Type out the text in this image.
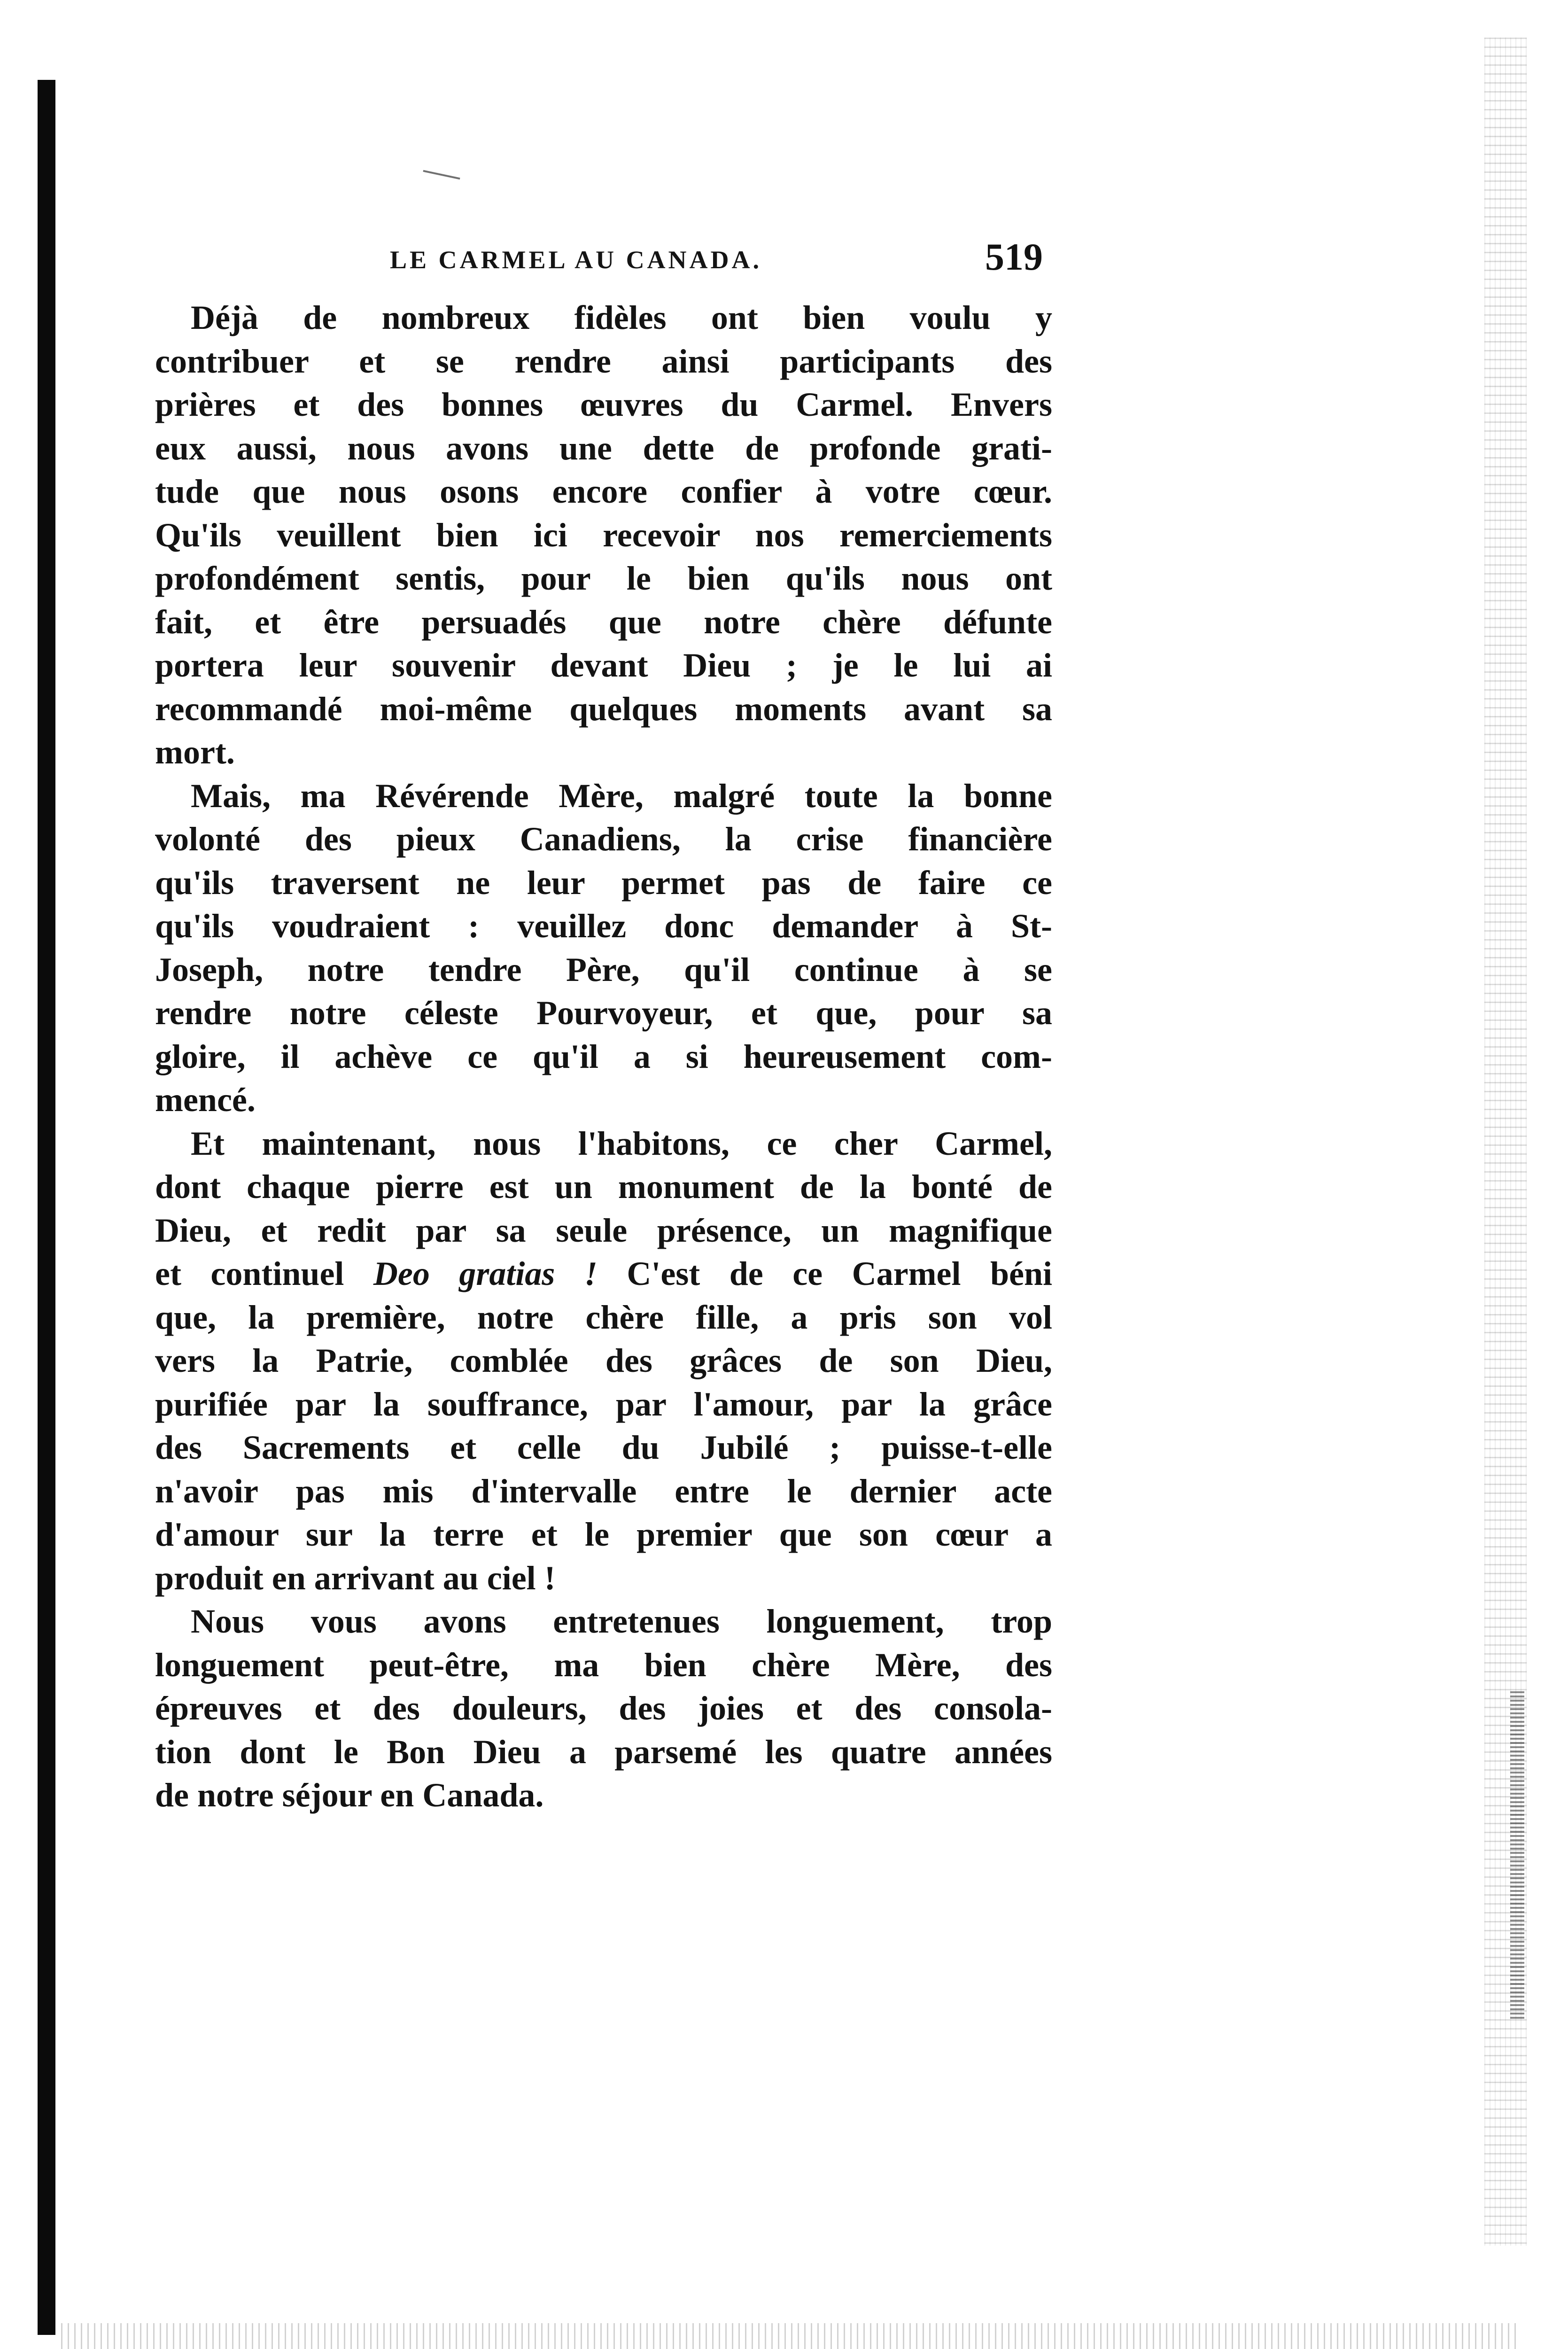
LE CARMEL AU CANADA.	519

Déjà de nombreux fidèles ont bien voulu y
contribuer et se rendre ainsi participants des
prières et des bonnes œuvres du Carmel. Envers
eux aussi, nous avons une dette de profonde grati-
tude que nous osons encore confier à votre cœur.
Qu'ils veuillent bien ici recevoir nos remerciements
profondément sentis, pour le bien qu'ils nous ont
fait, et être persuadés que notre chère défunte
portera leur souvenir devant Dieu ; je le lui ai
recommandé moi-même quelques moments avant sa
mort.

Mais, ma Révérende Mère, malgré toute la bonne
volonté des pieux Canadiens, la crise financière
qu'ils traversent ne leur permet pas de faire ce
qu'ils voudraient : veuillez donc demander à St-
Joseph, notre tendre Père, qu'il continue à se
rendre notre céleste Pourvoyeur, et que, pour sa
gloire, il achève ce qu'il a si heureusement com-
mencé.

Et maintenant, nous l'habitons, ce cher Carmel,
dont chaque pierre est un monument de la bonté de
Dieu, et redit par sa seule présence, un magnifique
et continuel Deo gratias ! C'est de ce Carmel béni
que, la première, notre chère fille, a pris son vol
vers la Patrie, comblée des grâces de son Dieu,
purifiée par la souffrance, par l'amour, par la grâce
des Sacrements et celle du Jubilé ; puisse-t-elle
n'avoir pas mis d'intervalle entre le dernier acte
d'amour sur la terre et le premier que son cœur a
produit en arrivant au ciel !

Nous vous avons entretenues longuement, trop
longuement peut-être, ma bien chère Mère, des
épreuves et des douleurs, des joies et des consola-
tion dont le Bon Dieu a parsemé les quatre années
de notre séjour en Canada.
